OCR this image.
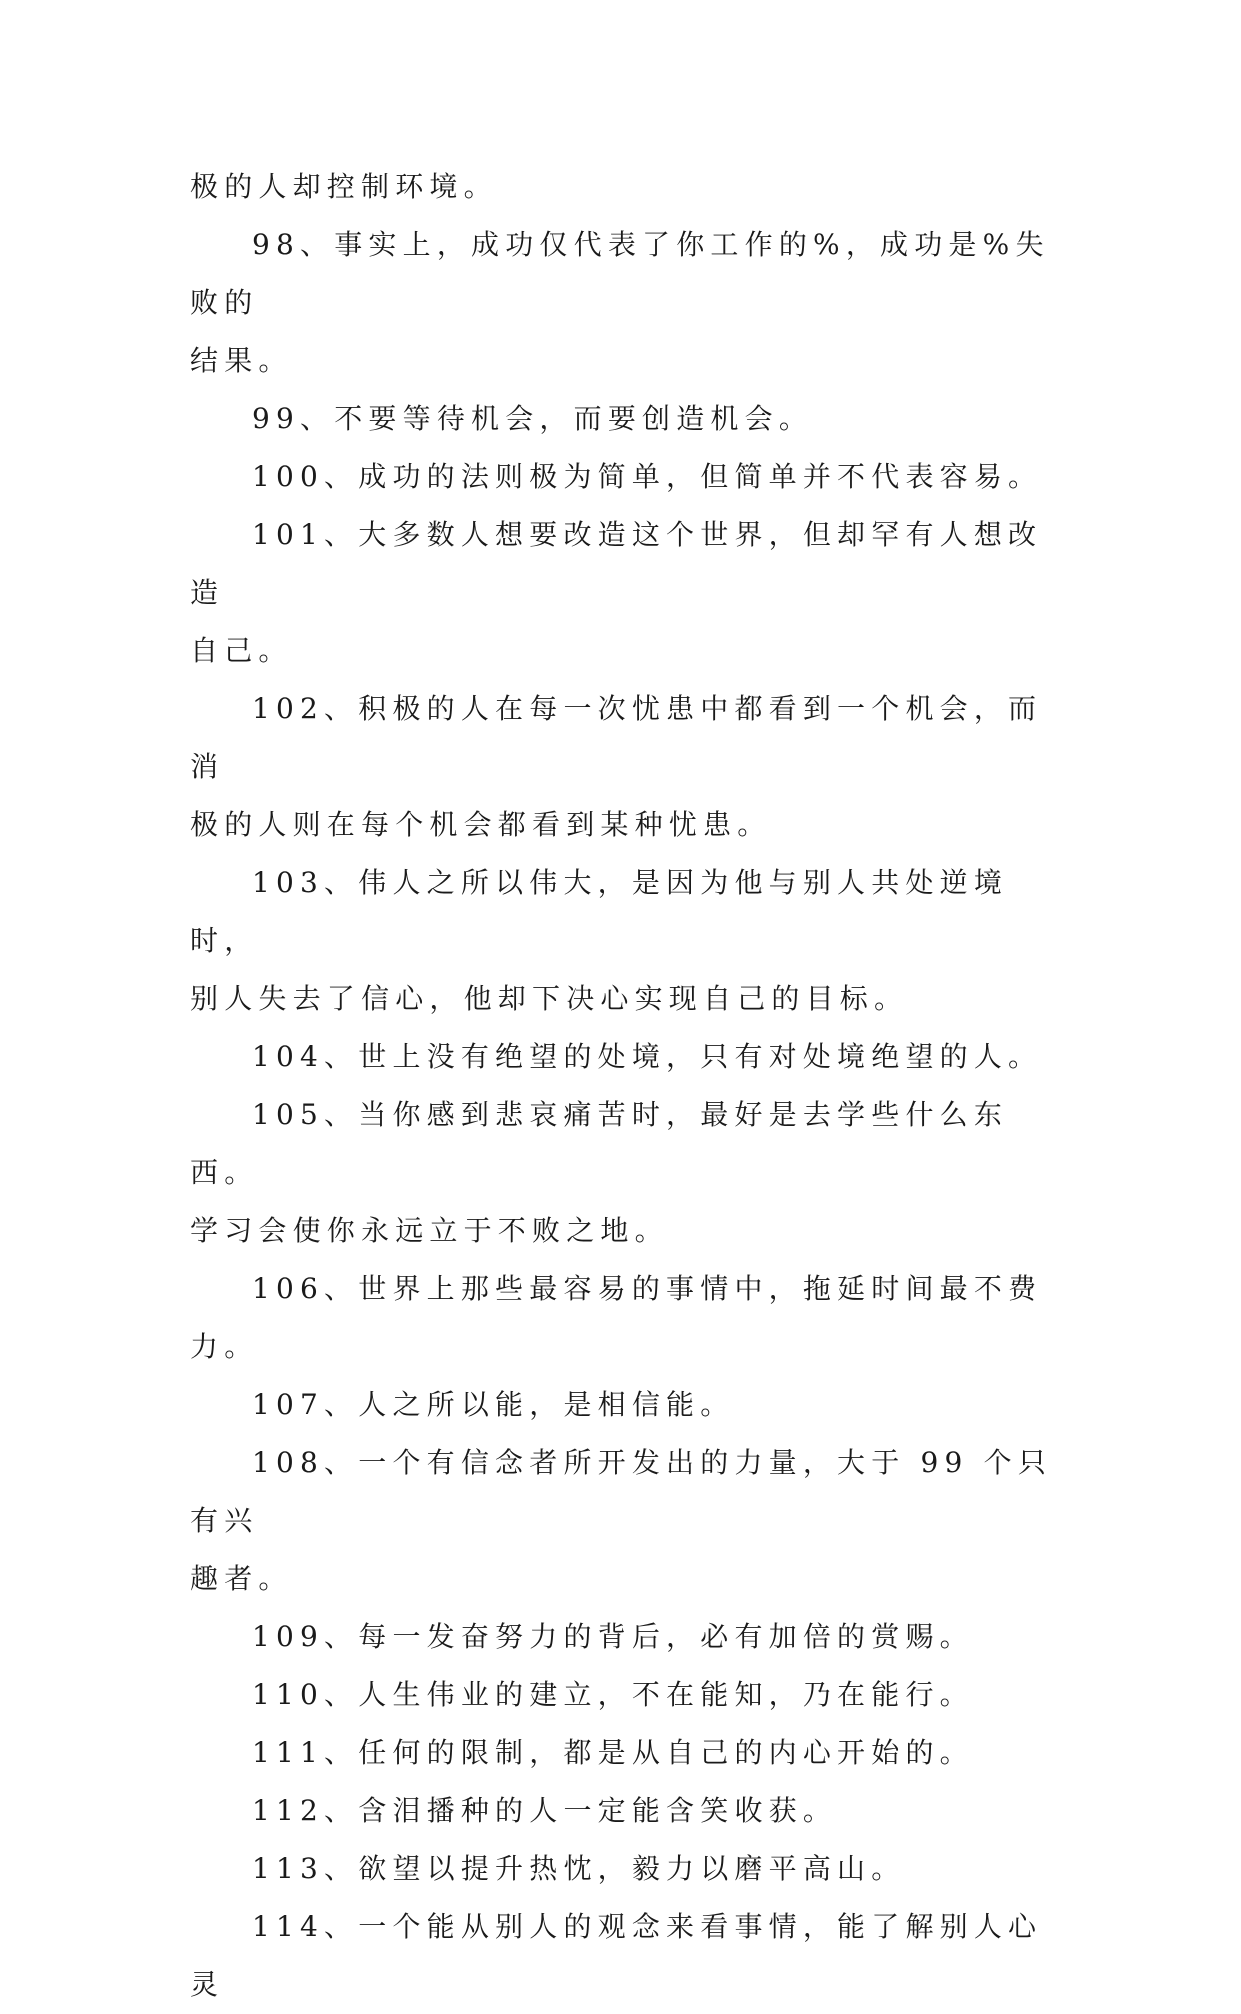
极的人却控制环境。

98、事实上，成功仅代表了你工作的%，成功是%失败的
结果。

99、不要等待机会，而要创造机会。

100、成功的法则极为简单，但简单并不代表容易。

101、大多数人想要改造这个世界，但却罕有人想改造
自己。

102、积极的人在每一次忧患中都看到一个机会，而消
极的人则在每个机会都看到某种忧患。

103、伟人之所以伟大，是因为他与别人共处逆境时，
别人失去了信心，他却下决心实现自己的目标。

104、世上没有绝望的处境，只有对处境绝望的人。

105、当你感到悲哀痛苦时，最好是去学些什么东西。
学习会使你永远立于不败之地。

106、世界上那些最容易的事情中，拖延时间最不费力。

107、人之所以能，是相信能。

108、一个有信念者所开发出的力量，大于 99 个只有兴
趣者。

109、每一发奋努力的背后，必有加倍的赏赐。

110、人生伟业的建立，不在能知，乃在能行。

111、任何的限制，都是从自己的内心开始的。

112、含泪播种的人一定能含笑收获。

113、欲望以提升热忱，毅力以磨平高山。

114、一个能从别人的观念来看事情，能了解别人心灵
